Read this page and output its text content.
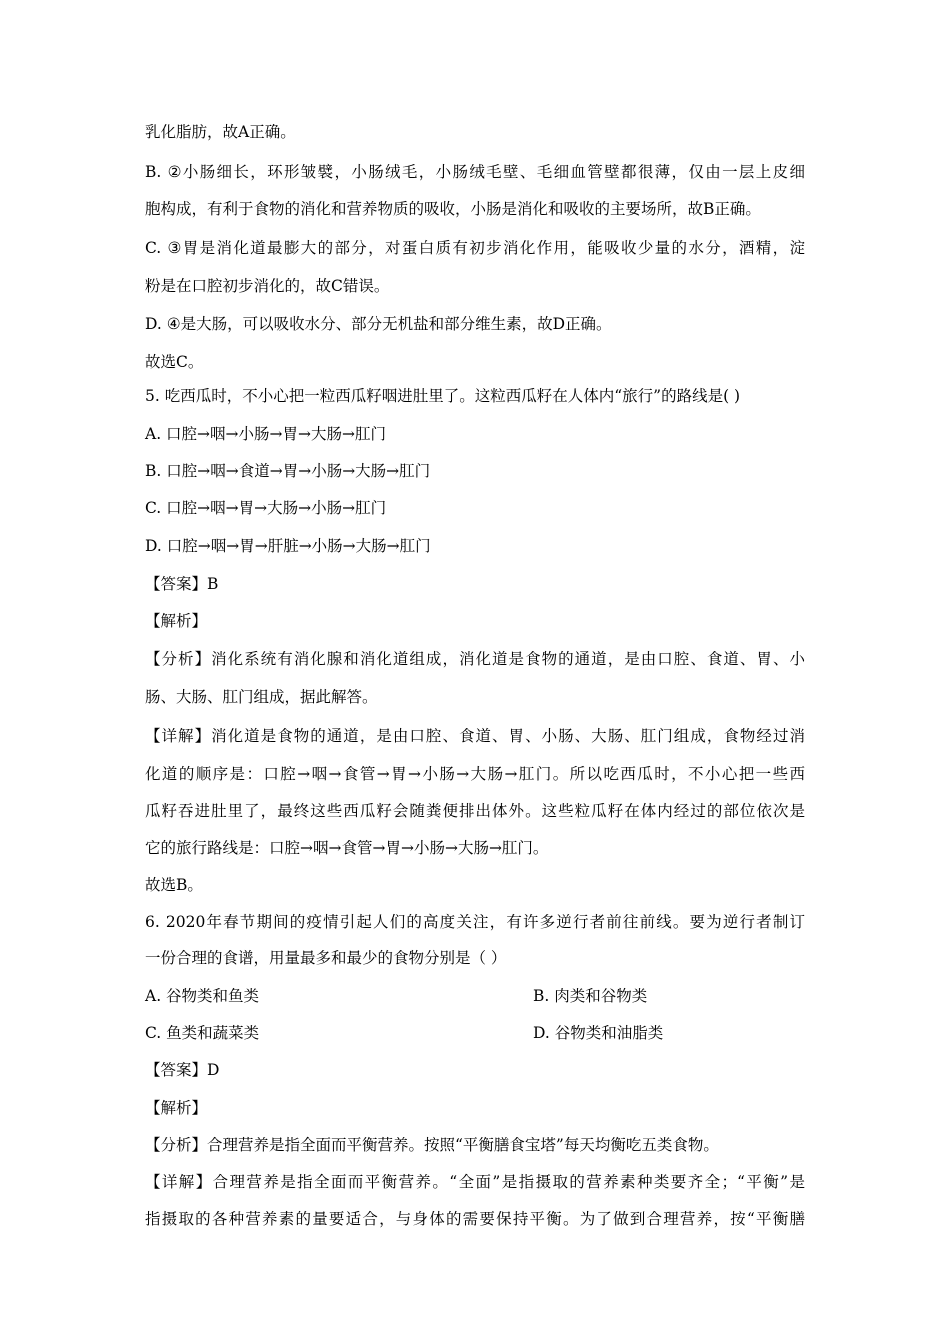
乳化脂肪，故A正确。
B. ②小肠细长，环形皱襞，小肠绒毛，小肠绒毛壁、毛细血管壁都很薄，仅由一层上皮细
胞构成，有利于食物的消化和营养物质的吸收，小肠是消化和吸收的主要场所，故B正确。
C. ③胃是消化道最膨大的部分，对蛋白质有初步消化作用，能吸收少量的水分，酒精，淀
粉是在口腔初步消化的，故C错误。
D. ④是大肠，可以吸收水分、部分无机盐和部分维生素，故D正确。
故选C。
5. 吃西瓜时，不小心把一粒西瓜籽咽进肚里了。这粒西瓜籽在人体内“旅行”的路线是( )
A. 口腔→咽→小肠→胃→大肠→肛门
B. 口腔→咽→食道→胃→小肠→大肠→肛门
C. 口腔→咽→胃→大肠→小肠→肛门
D. 口腔→咽→胃→肝脏→小肠→大肠→肛门
【答案】B
【解析】
【分析】消化系统有消化腺和消化道组成，消化道是食物的通道，是由口腔、食道、胃、小
肠、大肠、肛门组成，据此解答。
【详解】消化道是食物的通道，是由口腔、食道、胃、小肠、大肠、肛门组成，食物经过消
化道的顺序是：口腔→咽→食管→胃→小肠→大肠→肛门。所以吃西瓜时，不小心把一些西
瓜籽吞进肚里了，最终这些西瓜籽会随粪便排出体外。这些粒瓜籽在体内经过的部位依次是
它的旅行路线是：口腔→咽→食管→胃→小肠→大肠→肛门。
故选B。
6. 2020年春节期间的疫情引起人们的高度关注，有许多逆行者前往前线。要为逆行者制订
一份合理的食谱，用量最多和最少的食物分别是（ ）
A. 谷物类和鱼类	B. 肉类和谷物类
C. 鱼类和蔬菜类	D. 谷物类和油脂类
【答案】D
【解析】
【分析】合理营养是指全面而平衡营养。按照“平衡膳食宝塔”每天均衡吃五类食物。
【详解】合理营养是指全面而平衡营养。“全面”是指摄取的营养素种类要齐全；“平衡”是
指摄取的各种营养素的量要适合，与身体的需要保持平衡。为了做到合理营养，按“平衡膳
